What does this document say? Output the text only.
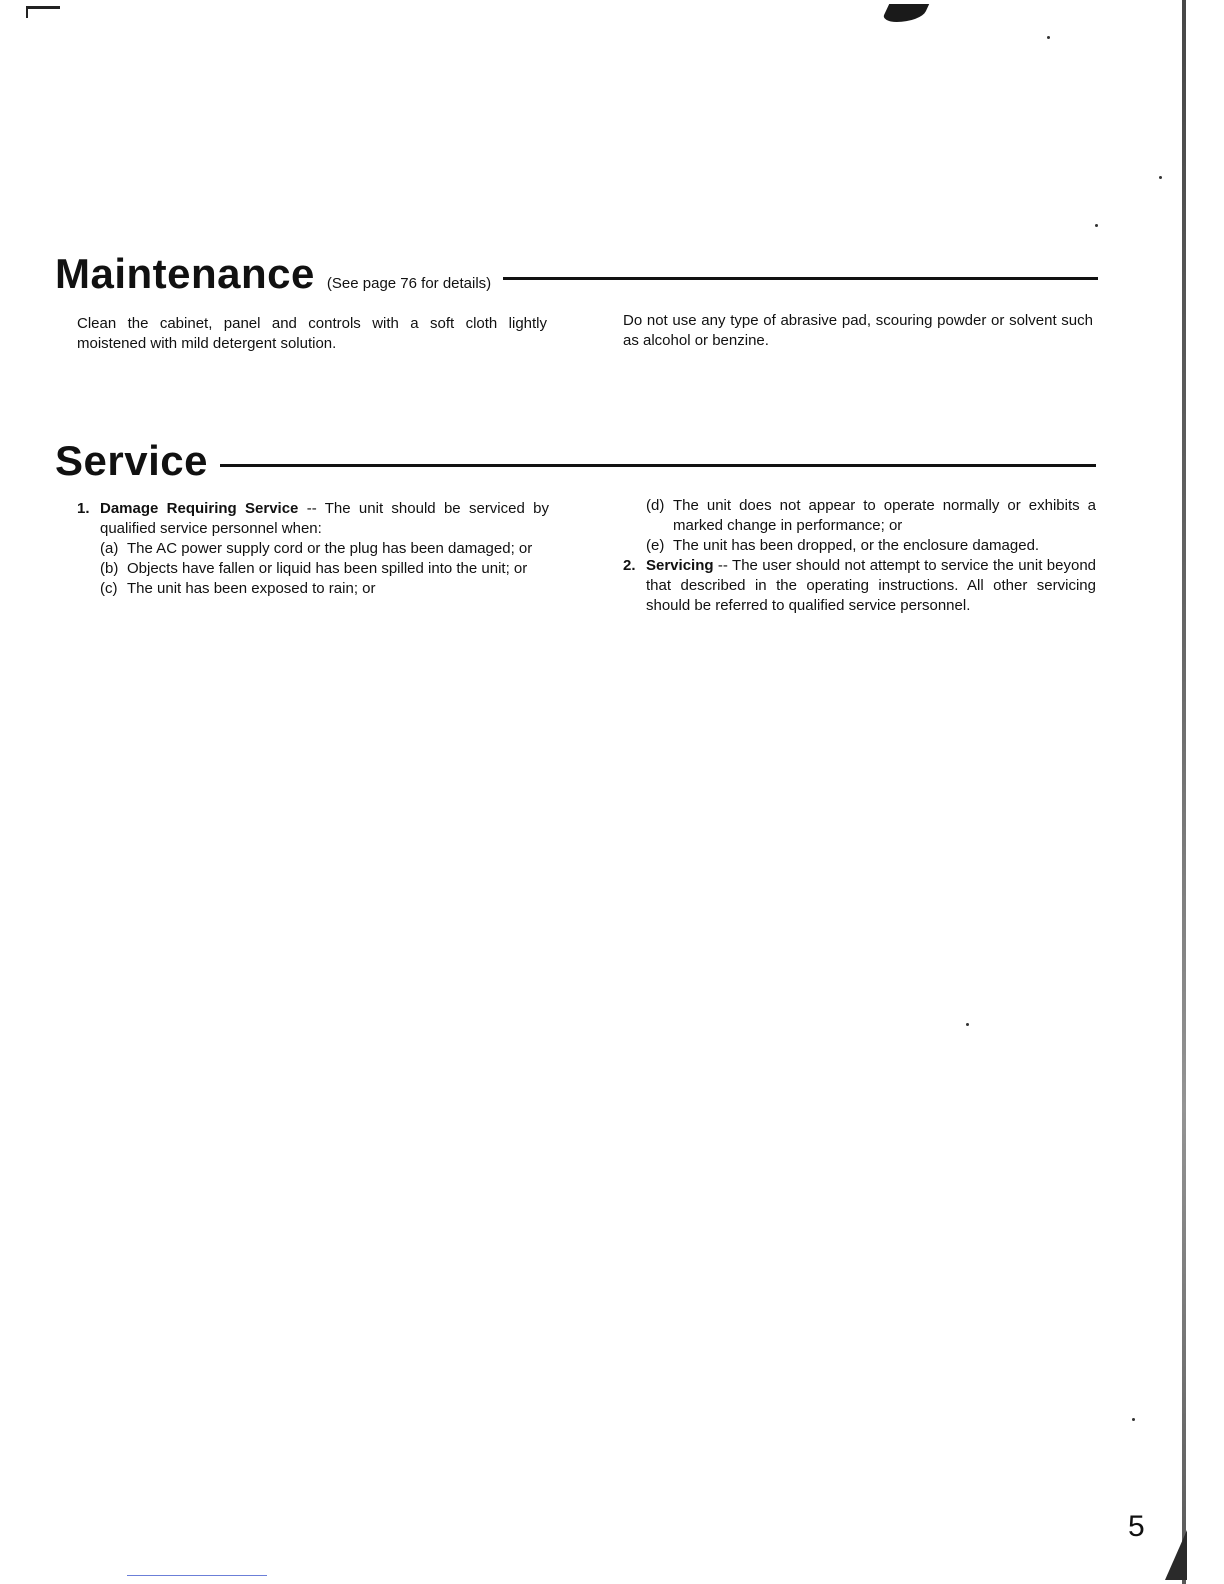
Maintenance (See page 76 for details)
Clean the cabinet, panel and controls with a soft cloth lightly moistened with mild detergent solution.
Do not use any type of abrasive pad, scouring powder or solvent such as alcohol or benzine.
Service
1. Damage Requiring Service -- The unit should be serviced by qualified service personnel when:
(a) The AC power supply cord or the plug has been damaged; or
(b) Objects have fallen or liquid has been spilled into the unit; or
(c) The unit has been exposed to rain; or
(d) The unit does not appear to operate normally or exhibits a marked change in performance; or
(e) The unit has been dropped, or the enclosure damaged.
2. Servicing -- The user should not attempt to service the unit beyond that described in the operating instructions. All other servicing should be referred to qualified service personnel.
5
